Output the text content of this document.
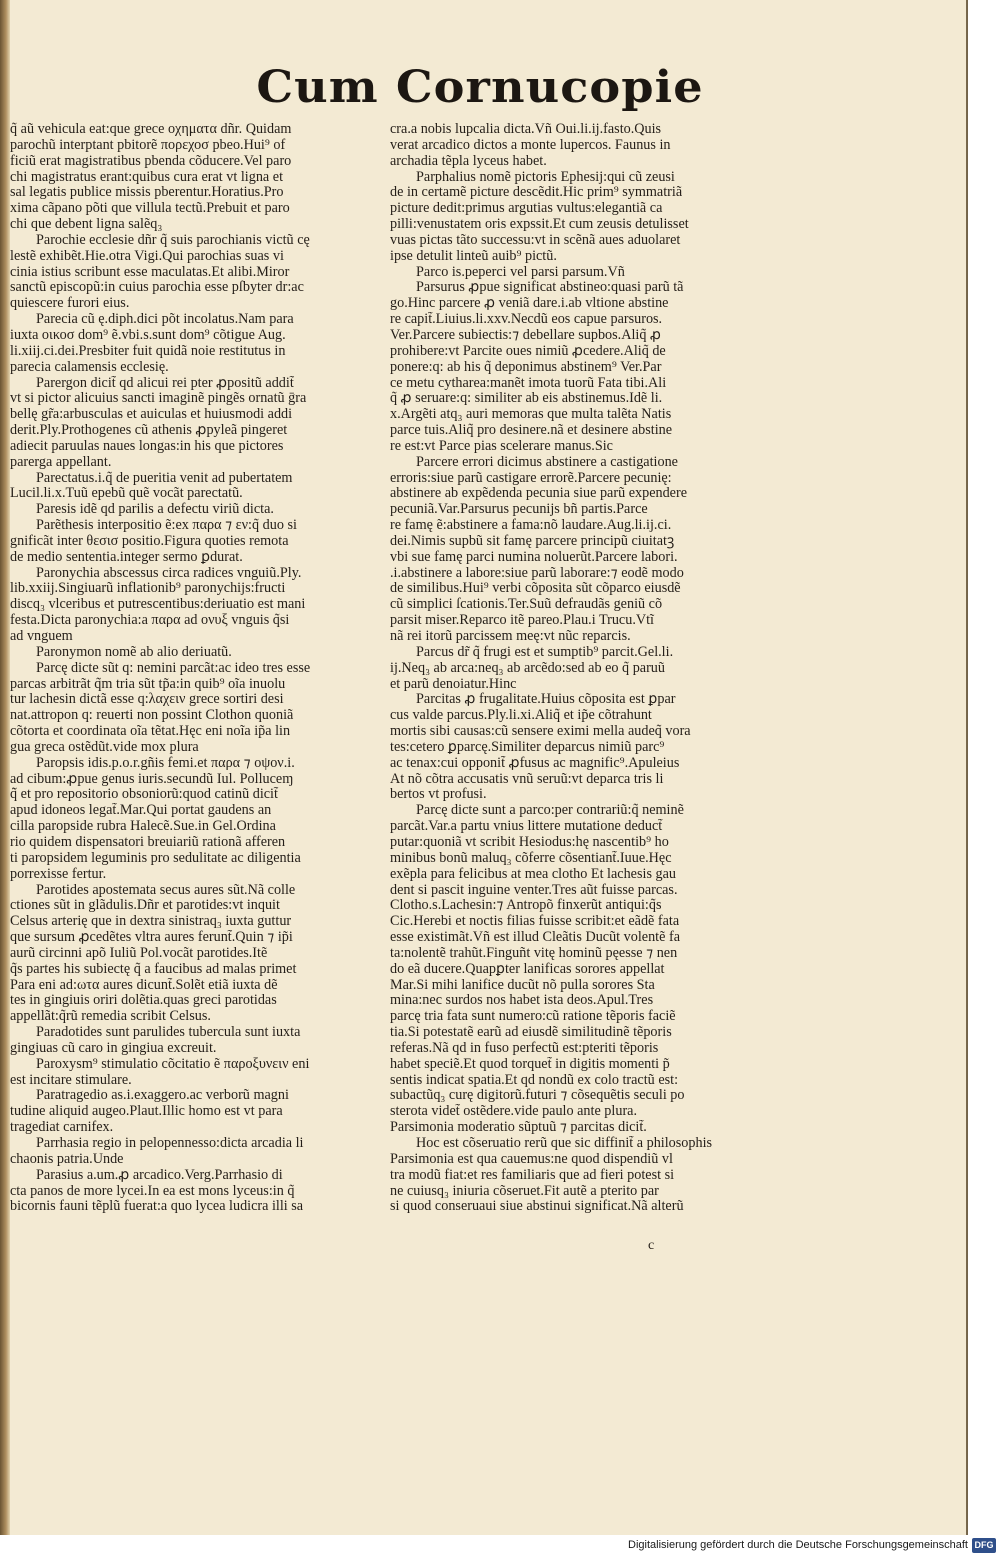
Cum Cornucopie
q̃ aũ vehicula eat:que grece οχηματα dñr. Quidam
parochũ interptant pbitorẽ πορεχοσ pbeo.Hui⁹ of
ficiũ erat magistratibus pbenda cõducere.Vel paro
chi magistratus erant:quibus cura erat vt ligna et
sal legatis publice missis pberentur.Horatius.Pro
xima cãpano põti que villula tectũ.Prebuit et paro
chi que debent ligna salẽq₃
Parochie ecclesie dñr q̃ suis parochianis victũ cę
lestẽ exhibẽt.Hie.otra Vigi.Qui parochias suas vi
cinia istius scribunt esse maculatas.Et alibi.Miror
sanctũ episcopũ:in cuius parochia esse pſbyter dr:ac
quiescere furori eius.
Parecia cũ ę.diph.dici põt incolatus.Nam para
iuxta οικοσ dom⁹ ẽ.vbi.s.sunt dom⁹ cõtigue Aug.
li.xiij.ci.dei.Presbiter fuit quidã noie restitutus in
parecia calamensis ecclesię.
Parergon dicit̃ qd̃ alicui rei pter ꝓpositũ addit̃
vt si pictor alicuius sancti imaginẽ pingẽs ornatũ ḡra
bellę gr̃a:arbusculas et auiculas et huiusmodi addi
derit.Ply.Prothogenes cũ athenis ꝓpyleã pingeret
adiecit paruulas naues longas:in his que pictores
parerga appellant.
Parectatus.i.q̃ de pueritia venit ad pubertatem
Lucil.li.x.Tuũ epebũ quẽ vocãt parectatũ.
Paresis idẽ qd̃ parilis a defectu viriũ dicta.
Parẽthesis interpositio ẽ:ex παρα ⁊ εν:q̃ duo si
gnificãt inter θεσισ positio.Figura quoties remota
de medio sententia.integer sermo ꝑdurat.
Paronychia abscessus circa radices vnguiũ.Ply.
lib.xxiij.Singiuarũ inflationib⁹ paronychijs:fructi
discq₃ vlceribus et putrescentibus:deriuatio est mani
festa.Dicta paronychia:a παρα ad ονυξ vnguis q̃si
ad vnguem
Paronymon nomẽ ab alio deriuatũ.
Parcę dicte sũt q: nemini parcãt:ac ideo tres esse
parcas arbitrãt q̃m tria sũt tp̃a:in quib⁹ oĩa inuolu
tur lachesin dictã esse q:λαχειν grece sortiri desi
nat.attropon q: reuerti non possint Clothon quoniã
cõtorta et coordinata oĩa tẽtat.Hęc eni noĩa ip̃a lin
gua greca ostẽdũt.vide mox plura
Paropsis idis.p.o.r.gñis femi.et παρα ⁊ οψον.i.
ad cibum:ꝓpue genus iuris.secundũ Iul. Polluceɱ
q̃̃ et pro repositorio obsoniorũ:quod catinũ dicit̃
apud idoneos legat̃.Mar.Qui portat gaudens an
cilla paropside rubra Halecẽ.Sue.in Gel.Ordina
rio quidem dispensatori breuiariũ rationã afferen
ti paropsidem leguminis pro sedulitate ac diligentia
porrexisse fertur.
Parotides apostemata secus aures sũt.Nã colle
ctiones sũt in glãdulis.Dñr et parotides:vt inquit
Celsus arterię que in dextra sinistraq₃ iuxta guttur
que sursum ꝓcedẽtes vltra aures ferunt̃.Quin ⁊ ip̃i
aurũ circinni apõ Iuliũ Pol.vocãt parotides.Itẽ
q̃s partes his subiectę q̃ a faucibus ad malas primet
Para eni ad:ωτα aures dicunt̃.Solẽt etiã iuxta dẽ
tes in gingiuis oriri dolẽtia.quas greci parotidas
appellãt:q̃rũ remedia scribit Celsus.
Paradotides sunt parulides tubercula sunt iuxta
gingiuas cũ caro in gingiua excreuit.
Paroxysm⁹ stimulatio cõcitatio ẽ παροξυνειν eni
est incitare stimulare.
Paratragedio as.i.exaggero.ac verborũ magni
tudine aliquid augeo.Plaut.Illic homo est vt para
tragediat carnifex.
Parrhasia regio in pelopennesso:dicta arcadia li
chaonis patria.Unde
Parasius a.um.ꝓ arcadico.Verg.Parrhasio di
cta panos de more lycei.In ea est mons lyceus:in q̃
bicornis fauni tẽplũ fuerat:a quo lycea ludicra illi sa
cra.a nobis lupcalia dicta.Vñ Oui.li.ij.fasto.Quis
verat arcadico dictos a monte lupercos. Faunus in
archadia tẽpla lyceus habet.
Parphalius nomẽ pictoris Ephesij:qui cũ zeusi
de in certamẽ picture descẽdit.Hic prim⁹ symmatriã
picture dedit:primus argutias vultus:elegantiã ca
pilli:venustatem oris expssit.Et cum zeusis detulisset
vuas pictas tãto successu:vt in scẽnã aues aduolaret
ipse detulit linteũ auib⁹ pictũ.
Parco is.peperci vel parsi parsum.Vñ
Parsurus ꝓpue significat abstineo:quasi parũ tã
go.Hinc parcere ꝓ veniã dare.i.ab vltione abstine
re capit̃.Liuius.li.xxv.Necdũ eos capue parsuros.
Ver.Parcere subiectis:⁊ debellare supbos.Aliq̃ ꝓ
prohibere:vt Parcite oues nimiũ ꝓcedere.Aliq̃ de
ponere:q: ab his q̃ deponimus abstinem⁹ Ver.Par
ce metu cytharea:manẽt imota tuorũ Fata tibi.Ali
q̃ ꝓ seruare:q: similiter ab eis abstinemus.Idẽ li.
x.Argẽti atq₃ auri memoras que multa talẽta Natis
parce tuis.Aliq̃ pro desinere.nã et desinere abstine
re est:vt Parce pias scelerare manus.Sic
Parcere errori dicimus abstinere a castigatione
erroris:siue parũ castigare errorẽ.Parcere pecunię:
abstinere ab expẽdenda pecunia siue parũ expendere
pecuniã.Var.Parsurus pecunijs bñ partis.Parce
re famę ẽ:abstinere a fama:nõ laudare.Aug.li.ij.ci.
dei.Nimis supbũ sit famę parcere principũ ciuitatꝫ
vbi sue famę parci numina noluerũt.Parcere labori.
.i.abstinere a labore:siue parũ laborare:⁊ eodẽ modo
de similibus.Hui⁹ verbi cõposita sũt cõparco eiusdẽ
cũ simplici ſcationis.Ter.Suũ defraudãs geniũ cõ
parsit miser.Reparco itẽ pareo.Plau.i Trucu.Vtĩ
nã rei itorũ parcissem meę:vt nũc reparcis.
Parcus dr̃ q̃ frugi est et sumptib⁹ parcit.Gel.li.
ij.Neq₃ ab arca:neq₃ ab arcẽdo:sed ab eo q̃ paruũ
et parũ denoiatur.Hinc
Parcitas ꝓ frugalitate.Huius cõposita est ꝑpar
cus valde parcus.Ply.li.xi.Aliq̃ et ip̃e cõtrahunt
mortis sibi causas:cũ sensere eximi mella audeq̃ vora
tes:cetero ꝑparcę.Similiter deparcus nimiũ parc⁹
ac tenax:cui opponit̃ ꝓfusus ac magnific⁹.Apuleius
At nõ cõtra accusatis vnũ seruũ:vt deparca tris li
bertos vt profusi.
Parcę dicte sunt a parco:per contrariũ:q̃ neminẽ
parcãt.Var.a partu vnius littere mutatione deduct̃
putar:quoniã vt scribit Hesiodus:hę nascentib⁹ ho
minibus bonũ maluq₃ cõferre cõsentiant̃.Iuue.Hęc
exẽpla para felicibus at mea clotho Et lachesis gau
dent si pascit inguine venter.Tres aũt fuisse parcas.
Clotho.s.Lachesin:⁊ Antropõ finxerũt antiqui:q̃s
Cic.Herebi et noctis filias fuisse scribit:et eãdẽ fata
esse existimãt.Vñ est illud Cleãtis Ducũt volentẽ fa
ta:nolentẽ trahũt.Finguñt vitę hominũ pęesse ⁊ nen
do eã ducere.Quapꝑter lanificas sorores appellat
Mar.Si mihi lanifice ducũt nõ pulla sorores Sta
mina:nec surdos nos habet ista deos.Apul.Tres
parcę tria fata sunt numero:cũ ratione tẽporis faciẽ
tia.Si potestatẽ earũ ad eiusdẽ similitudinẽ tẽporis
referas.Nã qd̃ in fuso perfectũ est:pteriti tẽporis
habet speciẽ.Et quod torquet̃ in digitis momenti p̃
sentis indicat spatia.Et qd̃ nondũ ex colo tractũ est:
subactũq₃ curę digitorũ.futuri ⁊ cõsequẽtis seculi po
sterota videt̃ ostẽdere.vide paulo ante plura.
Parsimonia moderatio sũptuũ ⁊ parcitas dicit̃.
Hoc est cõseruatio rerũ que sic diffinit̃ a philosophis
Parsimonia est qua cauemus:ne quod dispendiũ vl
tra modũ fiat:et res familiaris que ad fieri potest si
ne cuiusq₃ iniuria cõseruet.Fit autẽ a pterito par
si quod conseruaui siue abstinui significat.Nã alterũ
c
Digitalisierung gefördert durch die Deutsche Forschungsgemeinschaft DFG
